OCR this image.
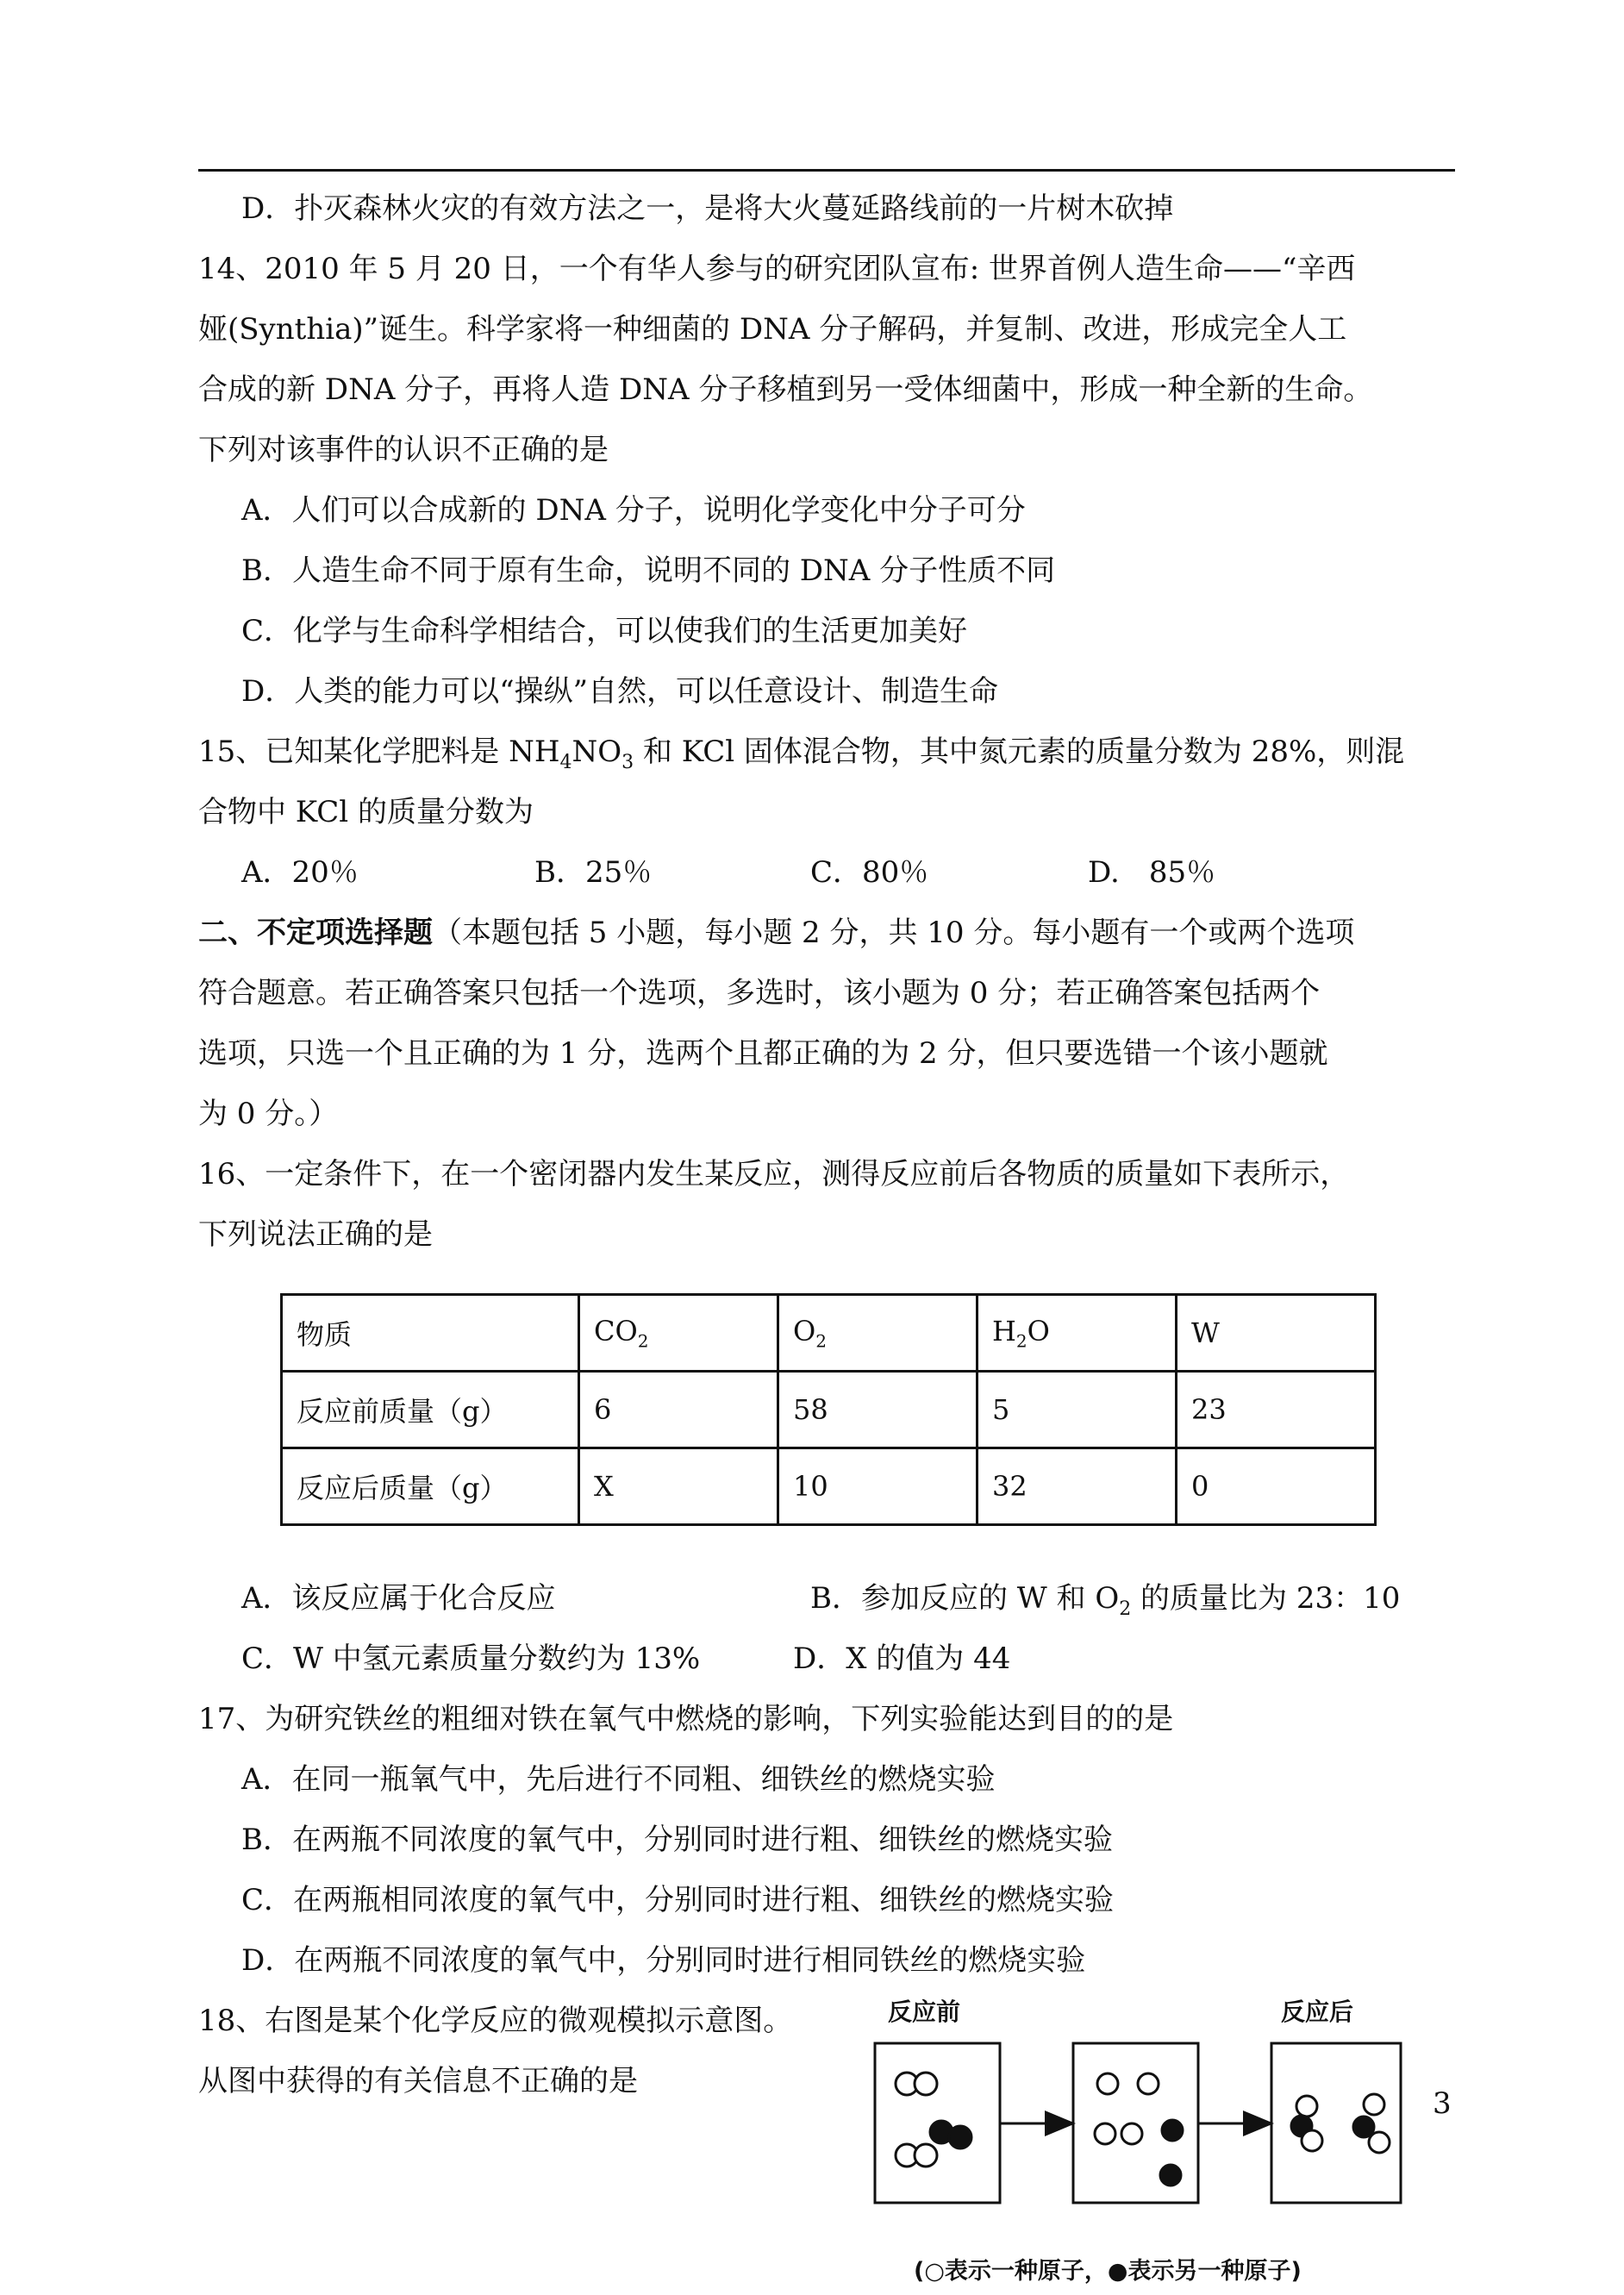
D．扑灭森林火灾的有效方法之一，是将大火蔓延路线前的一片树木砍掉
14、2010 年 5 月 20 日，一个有华人参与的研究团队宣布: 世界首例人造生命——“辛西
娅(Synthia)”诞生。科学家将一种细菌的 DNA 分子解码，并复制、改进，形成完全人工
合成的新 DNA 分子，再将人造 DNA 分子移植到另一受体细菌中，形成一种全新的生命。
下列对该事件的认识不正确的是
A．人们可以合成新的 DNA 分子，说明化学变化中分子可分
B．人造生命不同于原有生命，说明不同的 DNA 分子性质不同
C．化学与生命科学相结合，可以使我们的生活更加美好
D．人类的能力可以“操纵”自然，可以任意设计、制造生命
15、已知某化学肥料是 $NH_4NO_3$ 和 KCl 固体混合物，其中氮元素的质量分数为 28%，则混
合物中 KCl 的质量分数为
A．20％	B．25％	C．80％	D.　85％
二、不定项选择题（本题包括 5 小题，每小题 2 分，共 10 分。每小题有一个或两个选项
符合题意。若正确答案只包括一个选项，多选时，该小题为 0 分；若正确答案包括两个
选项，只选一个且正确的为 1 分，选两个且都正确的为 2 分，但只要选错一个该小题就
为 0 分。）
16、一定条件下，在一个密闭器内发生某反应，测得反应前后各物质的质量如下表所示，
下列说法正确的是
物质	$CO_2$	$O_2$	$H_2O$	W
反应前质量（g）	6	58	5	23
反应后质量（g）	X	10	32	0
A．该反应属于化合反应	B．参加反应的 W 和 $O_2$ 的质量比为 23：10
C．W 中氢元素质量分数约为 13%	D．X 的值为 44
17、为研究铁丝的粗细对铁在氧气中燃烧的影响，下列实验能达到目的的是
A．在同一瓶氧气中，先后进行不同粗、细铁丝的燃烧实验
B．在两瓶不同浓度的氧气中，分别同时进行粗、细铁丝的燃烧实验
C．在两瓶相同浓度的氧气中，分别同时进行粗、细铁丝的燃烧实验
D．在两瓶不同浓度的氧气中，分别同时进行相同铁丝的燃烧实验
18、右图是某个化学反应的微观模拟示意图。
从图中获得的有关信息不正确的是
反应前	反应后
(○表示一种原子，●表示另一种原子)
3
